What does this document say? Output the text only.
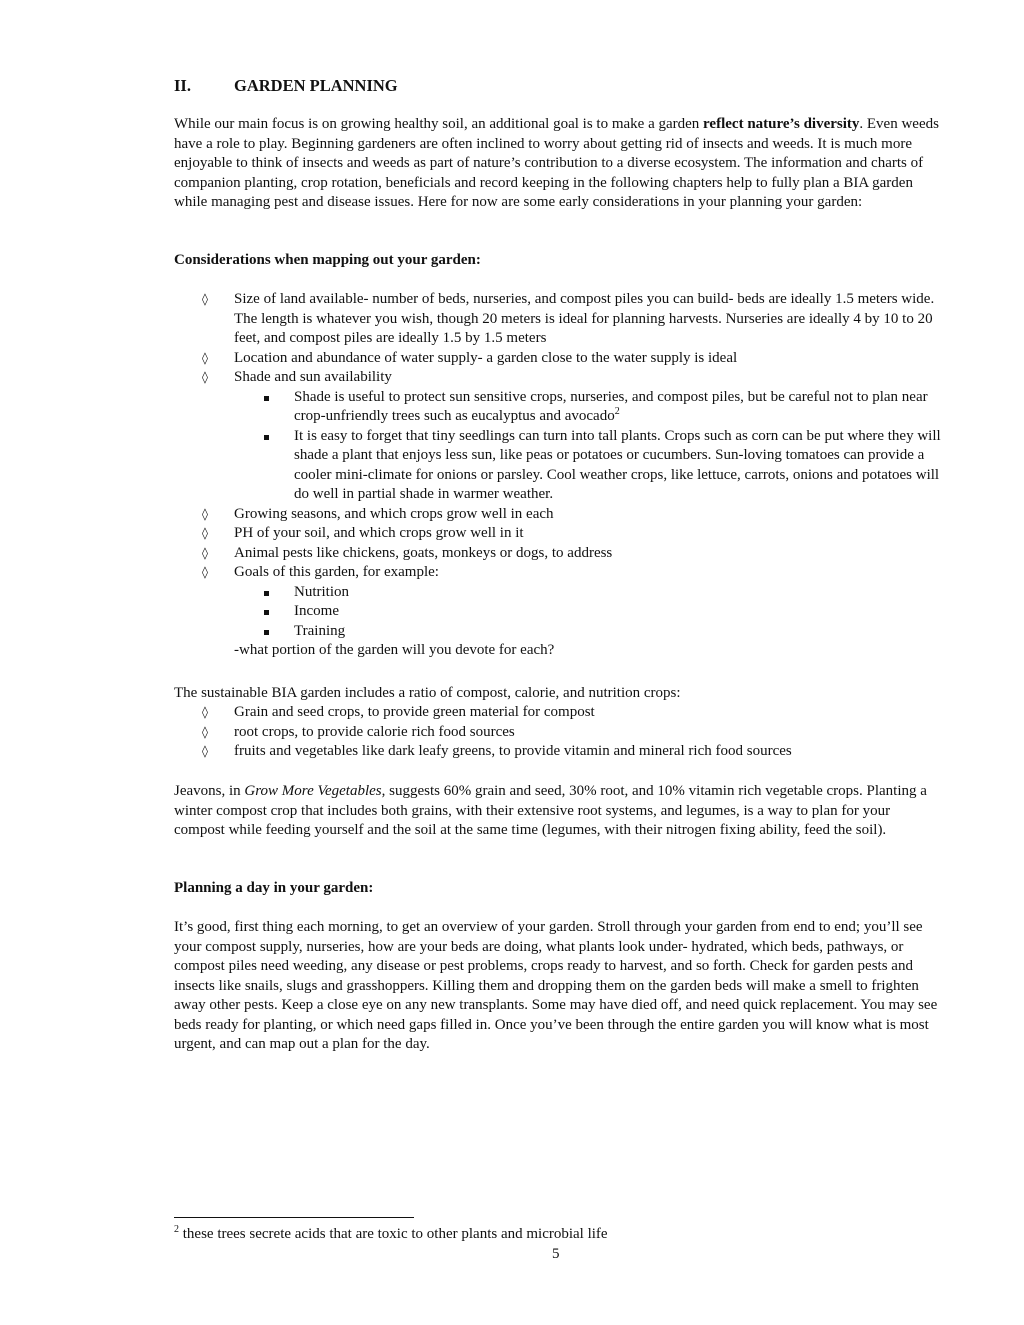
II.	GARDEN PLANNING

While our main focus is on growing healthy soil, an additional goal is to make a garden reflect nature’s diversity. Even weeds have a role to play. Beginning gardeners are often inclined to worry about getting rid of insects and weeds. It is much more enjoyable to think of insects and weeds as part of nature’s contribution to a diverse ecosystem. The information and charts of companion planting, crop rotation, beneficials and record keeping in the following chapters help to fully plan a BIA garden while managing pest and disease issues. Here for now are some early considerations in your planning your garden:

Considerations when mapping out your garden:
◊ Size of land available- number of beds, nurseries, and compost piles you can build- beds are ideally 1.5 meters wide. The length is whatever you wish, though 20 meters is ideal for planning harvests. Nurseries are ideally 4 by 10 to 20 feet, and compost piles are ideally 1.5 by 1.5 meters
◊ Location and abundance of water supply- a garden close to the water supply is ideal
◊ Shade and sun availability
Shade is useful to protect sun sensitive crops, nurseries, and compost piles, but be careful not to plan near crop-unfriendly trees such as eucalyptus and avocado$^2$
It is easy to forget that tiny seedlings can turn into tall plants. Crops such as corn can be put where they will shade a plant that enjoys less sun, like peas or potatoes or cucumbers. Sun-loving tomatoes can provide a cooler mini-climate for onions or parsley. Cool weather crops, like lettuce, carrots, onions and potatoes will do well in partial shade in warmer weather.
◊ Growing seasons, and which crops grow well in each
◊ PH of your soil, and which crops grow well in it
◊ Animal pests like chickens, goats, monkeys or dogs, to address
◊ Goals of this garden, for example:
Nutrition
Income
Training
-what portion of the garden will you devote for each?

The sustainable BIA garden includes a ratio of compost, calorie, and nutrition crops:

◊ Grain and seed crops, to provide green material for compost
◊ root crops, to provide calorie rich food sources
◊ fruits and vegetables like dark leafy greens, to provide vitamin and mineral rich food sources

Jeavons, in Grow More Vegetables, suggests 60% grain and seed, 30% root, and 10% vitamin rich vegetable crops. Planting a winter compost crop that includes both grains, with their extensive root systems, and legumes, is a way to plan for your compost while feeding yourself and the soil at the same time (legumes, with their nitrogen fixing ability, feed the soil).

Planning a day in your garden:

It’s good, first thing each morning, to get an overview of your garden. Stroll through your garden from end to end; you’ll see your compost supply, nurseries, how are your beds are doing, what plants look under- hydrated, which beds, pathways, or compost piles need weeding, any disease or pest problems, crops ready to harvest, and so forth. Check for garden pests and insects like snails, slugs and grasshoppers. Killing them and dropping them on the garden beds will make a smell to frighten away other pests. Keep a close eye on any new transplants. Some may have died off, and need quick replacement. You may see beds ready for planting, or which need gaps filled in. Once you’ve been through the entire garden you will know what is most urgent, and can map out a plan for the day.

$^2$ these trees secrete acids that are toxic to other plants and microbial life
5
